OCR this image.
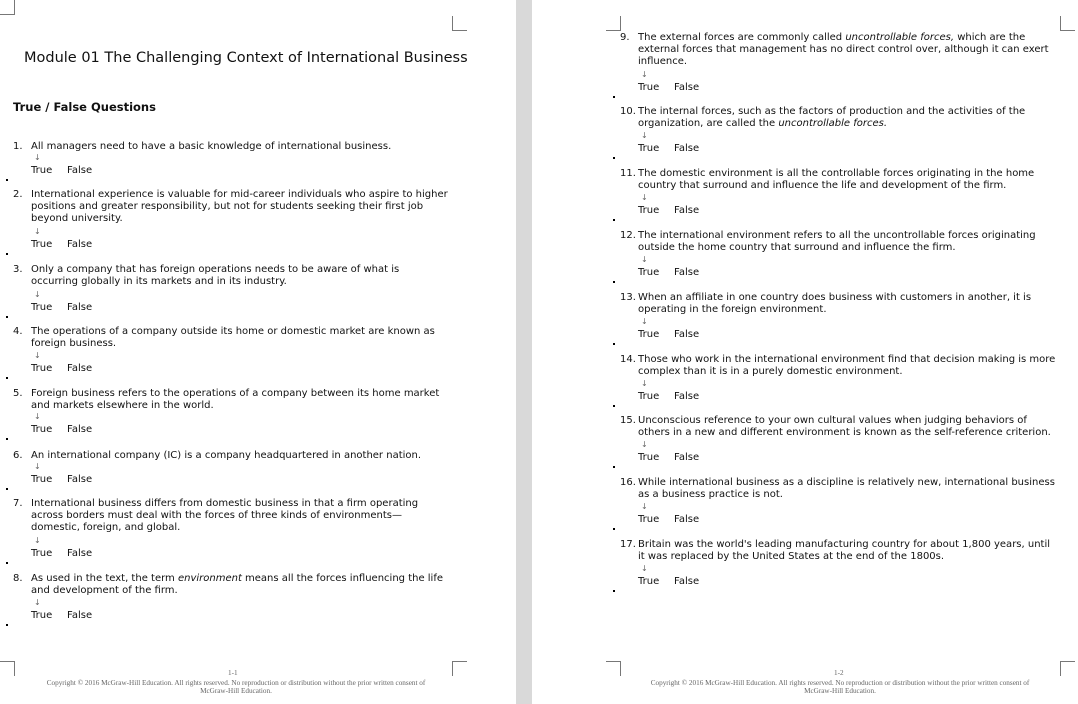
Module 01 The Challenging Context of International Business
True / False Questions
1. All managers need to have a basic knowledge of international business.
↓
True False
2. International experience is valuable for mid-career individuals who aspire to higher positions and greater responsibility, but not for students seeking their first job beyond university.
↓
True False
3. Only a company that has foreign operations needs to be aware of what is occurring globally in its markets and in its industry.
↓
True False
4. The operations of a company outside its home or domestic market are known as foreign business.
↓
True False
5. Foreign business refers to the operations of a company between its home market and markets elsewhere in the world.
↓
True False
6. An international company (IC) is a company headquartered in another nation.
↓
True False
7. International business differs from domestic business in that a firm operating across borders must deal with the forces of three kinds of environments—domestic, foreign, and global.
↓
True False
8. As used in the text, the term environment means all the forces influencing the life and development of the firm.
↓
True False
1-1
Copyright © 2016 McGraw-Hill Education. All rights reserved. No reproduction or distribution without the prior written consent of
McGraw-Hill Education.
9. The external forces are commonly called uncontrollable forces, which are the external forces that management has no direct control over, although it can exert influence.
↓
True False
10. The internal forces, such as the factors of production and the activities of the organization, are called the uncontrollable forces.
↓
True False
11. The domestic environment is all the controllable forces originating in the home country that surround and influence the life and development of the firm.
↓
True False
12. The international environment refers to all the uncontrollable forces originating outside the home country that surround and influence the firm.
↓
True False
13. When an affiliate in one country does business with customers in another, it is operating in the foreign environment.
↓
True False
14. Those who work in the international environment find that decision making is more complex than it is in a purely domestic environment.
↓
True False
15. Unconscious reference to your own cultural values when judging behaviors of others in a new and different environment is known as the self-reference criterion.
↓
True False
16. While international business as a discipline is relatively new, international business as a business practice is not.
↓
True False
17. Britain was the world's leading manufacturing country for about 1,800 years, until it was replaced by the United States at the end of the 1800s.
↓
True False
1-2
Copyright © 2016 McGraw-Hill Education. All rights reserved. No reproduction or distribution without the prior written consent of
McGraw-Hill Education.
